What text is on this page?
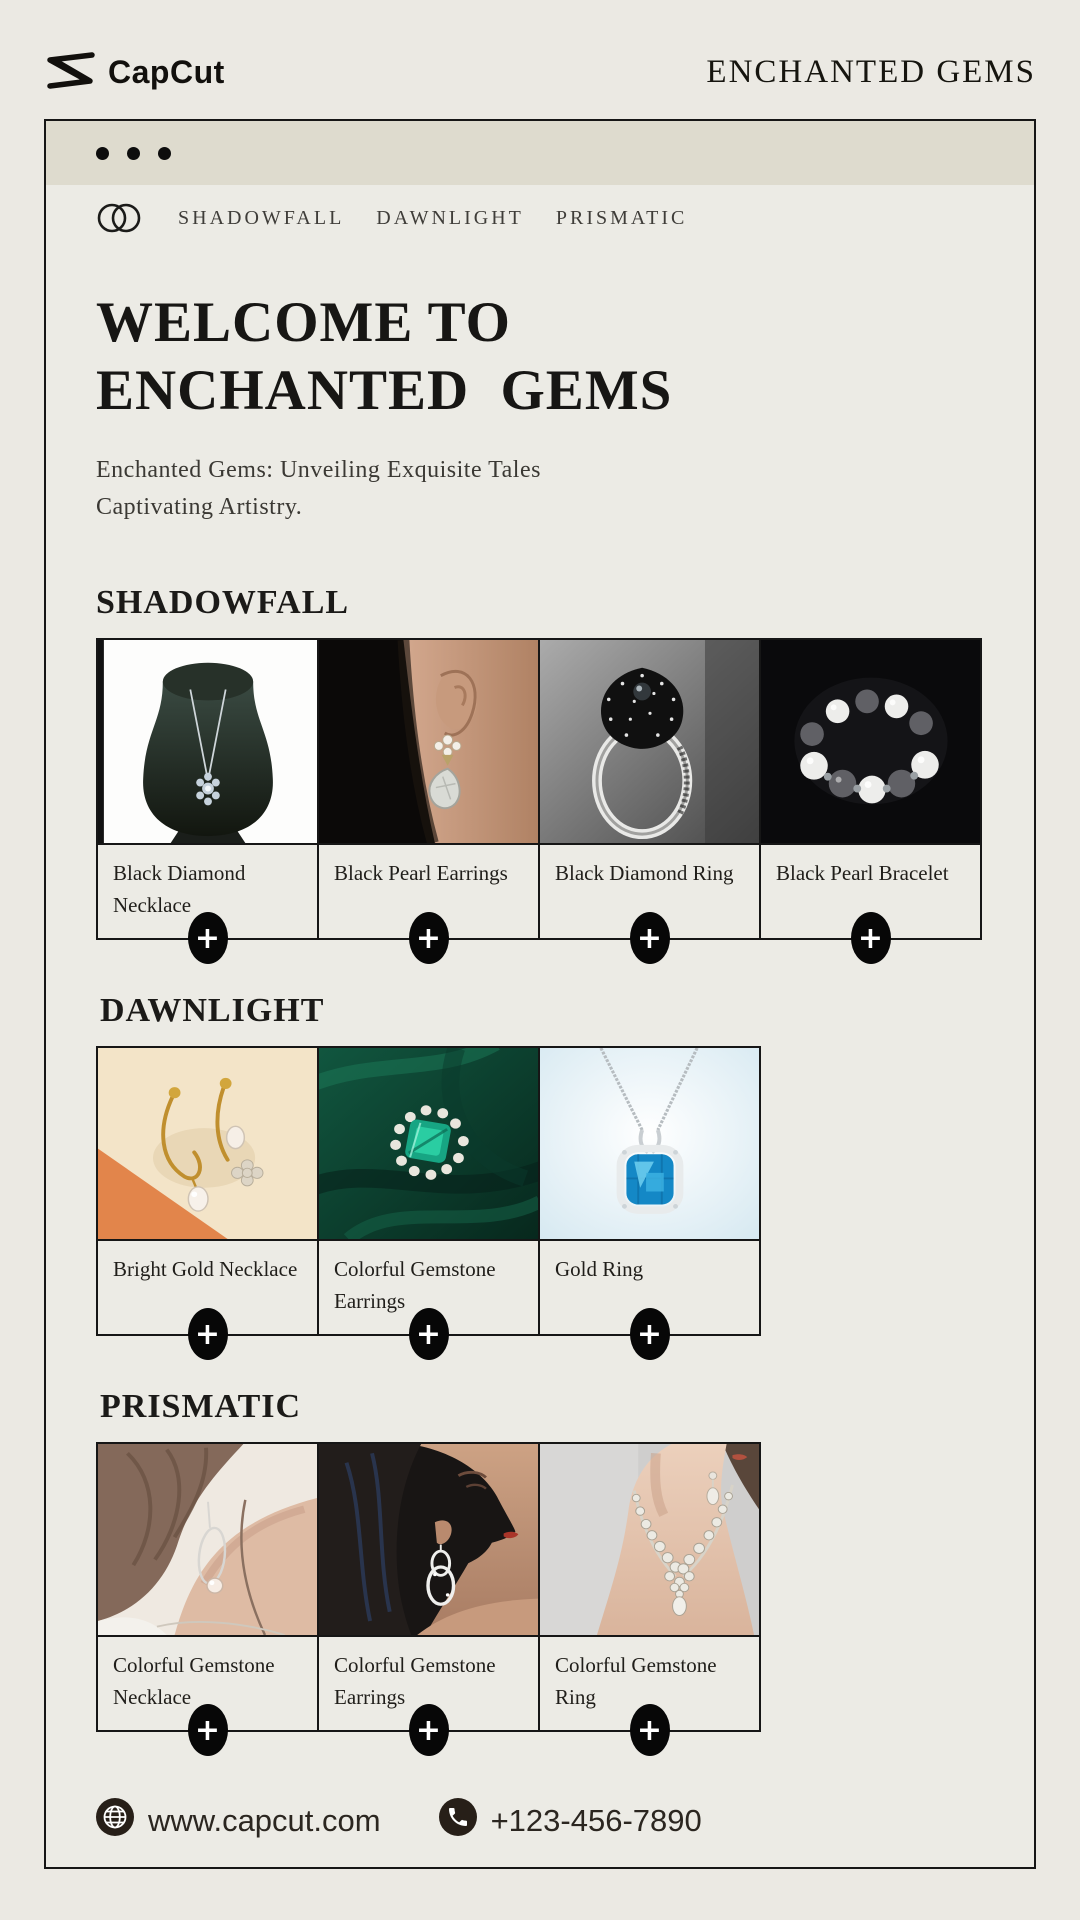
CapCut	ENCHANTED GEMS
SHADOWFALL DAWNLIGHT PRISMATIC
WELCOME TO
ENCHANTED GEMS
Enchanted Gems: Unveiling Exquisite Tales
Captivating Artistry.
SHADOWFALL
Black Diamond Necklace
+
Black Pearl Earrings
+
Black Diamond Ring
+
Black Pearl Bracelet
+
DAWNLIGHT
Bright Gold Necklace
+
Colorful Gemstone Earrings
+
Gold Ring
+
PRISMATIC
Colorful Gemstone Necklace
+
Colorful Gemstone Earrings
+
Colorful Gemstone Ring
+
www.capcut.com	+123-456-7890
